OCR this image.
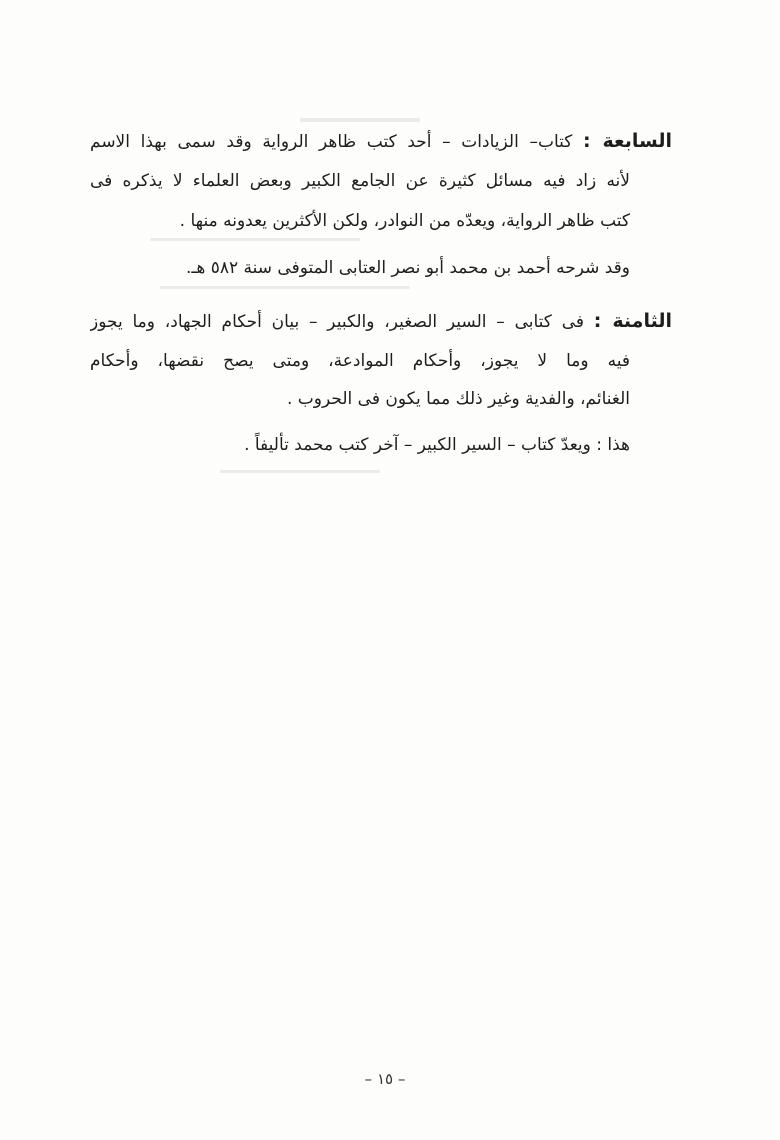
السابعة : كتاب– الزيادات – أحد كتب ظاهر الرواية وقد سمى بهذا الاسم
لأنه زاد فيه مسائل كثيرة عن الجامع الكبير وبعض العلماء لا يذكره فى
كتب ظاهر الرواية، ويعدّه من النوادر، ولكن الأكثرين يعدونه منها .
وقد شرحه أحمد بن محمد أبو نصر العتابى المتوفى سنة ٥٨٢ هـ.
الثامنة : فى كتابى – السير الصغير، والكبير – بيان أحكام الجهاد، وما يجوز
فيه وما لا يجوز، وأحكام الموادعة، ومتى يصح نقضها، وأحكام
الغنائم، والفدية وغير ذلك مما يكون فى الحروب .
هذا : ويعدّ كتاب – السير الكبير – آخر كتب محمد تأليفاً .
– ١٥ –
